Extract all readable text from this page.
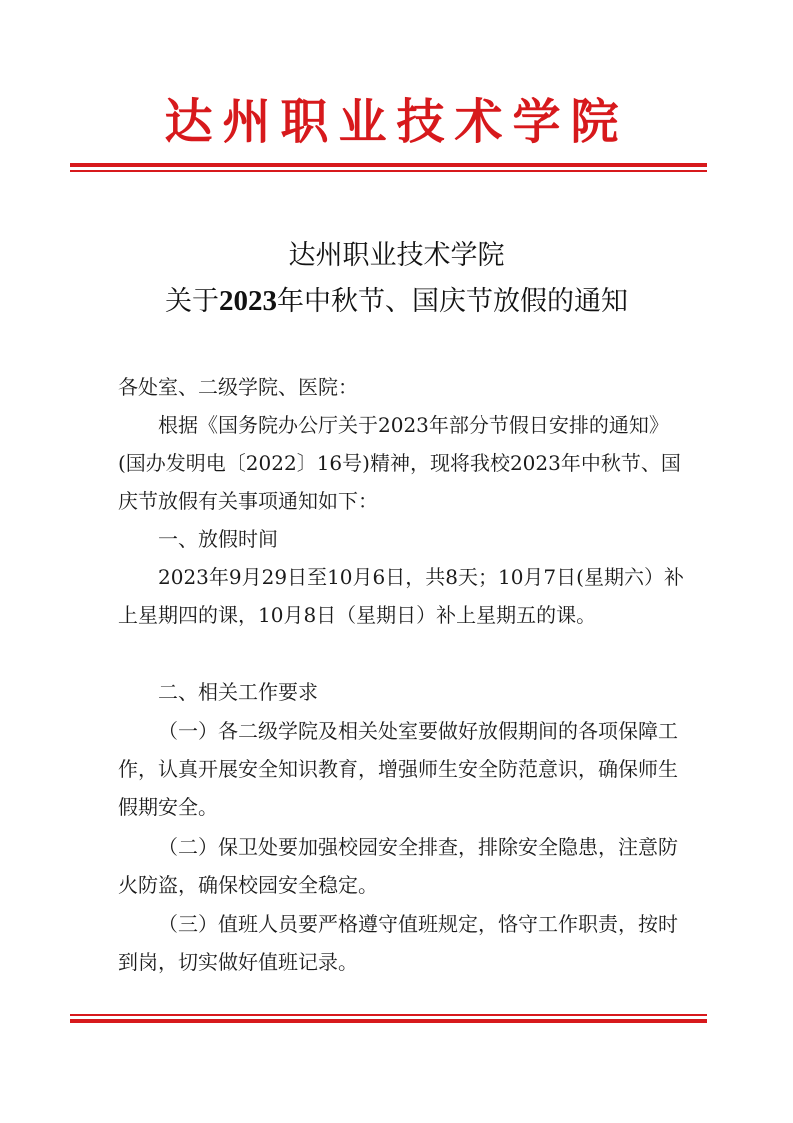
达州职业技术学院
达州职业技术学院
关于2023年中秋节、国庆节放假的通知
各处室、二级学院、医院：
根据《国务院办公厅关于2023年部分节假日安排的通知》(国办发明电〔2022〕16号)精神，现将我校2023年中秋节、国庆节放假有关事项通知如下：
一、放假时间
2023年9月29日至10月6日，共8天；10月7日(星期六）补上星期四的课，10月8日（星期日）补上星期五的课。
二、相关工作要求
（一）各二级学院及相关处室要做好放假期间的各项保障工作，认真开展安全知识教育，增强师生安全防范意识，确保师生假期安全。
（二）保卫处要加强校园安全排查，排除安全隐患，注意防火防盗，确保校园安全稳定。
（三）值班人员要严格遵守值班规定，恪守工作职责，按时到岗，切实做好值班记录。
